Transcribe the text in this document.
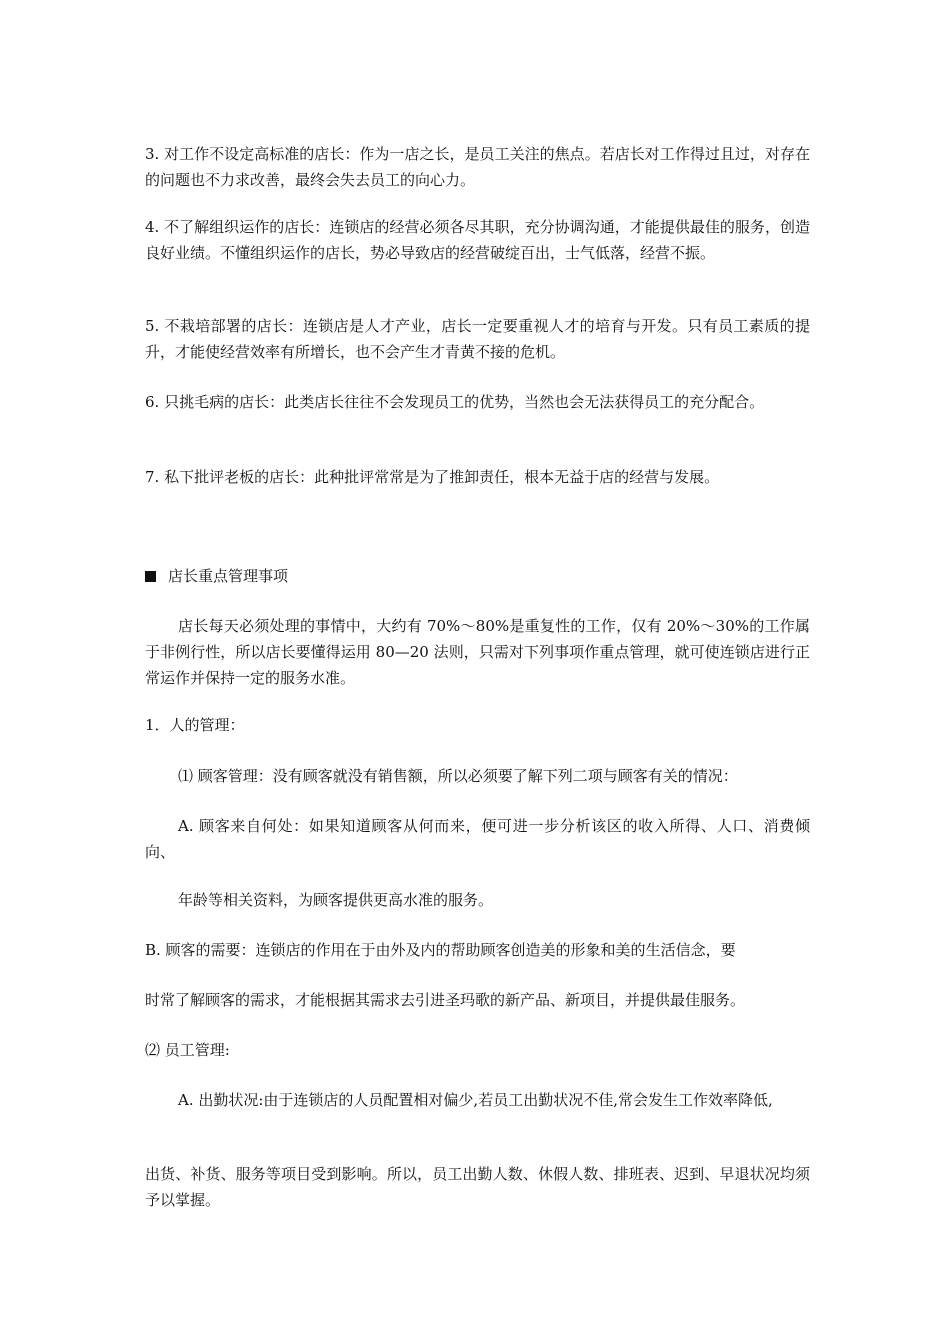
3. 对工作不设定高标准的店长：作为一店之长，是员工关注的焦点。若店长对工作得过且过，对存在的问题也不力求改善，最终会失去员工的向心力。

4. 不了解组织运作的店长：连锁店的经营必须各尽其职，充分协调沟通，才能提供最佳的服务，创造良好业绩。不懂组织运作的店长，势必导致店的经营破绽百出，士气低落，经营不振。

5. 不栽培部署的店长：连锁店是人才产业，店长一定要重视人才的培育与开发。只有员工素质的提升，才能使经营效率有所增长，也不会产生才青黄不接的危机。

6. 只挑毛病的店长：此类店长往往不会发现员工的优势，当然也会无法获得员工的充分配合。

7. 私下批评老板的店长：此种批评常常是为了推卸责任，根本无益于店的经营与发展。

店长重点管理事项

店长每天必须处理的事情中，大约有 70%～80%是重复性的工作，仅有 20%～30%的工作属于非例行性，所以店长要懂得运用 80—20 法则，只需对下列事项作重点管理，就可使连锁店进行正常运作并保持一定的服务水准。

1．人的管理：

⑴ 顾客管理：没有顾客就没有销售额，所以必须要了解下列二项与顾客有关的情况：

A. 顾客来自何处：如果知道顾客从何而来，便可进一步分析该区的收入所得、人口、消费倾向、

年龄等相关资料，为顾客提供更高水准的服务。

B. 顾客的需要：连锁店的作用在于由外及内的帮助顾客创造美的形象和美的生活信念，要

时常了解顾客的需求，才能根据其需求去引进圣玛歌的新产品、新项目，并提供最佳服务。

⑵ 员工管理:

A. 出勤状况:由于连锁店的人员配置相对偏少,若员工出勤状况不佳,常会发生工作效率降低,

出货、补货、服务等项目受到影响。所以，员工出勤人数、休假人数、排班表、迟到、早退状况均须予以掌握。
